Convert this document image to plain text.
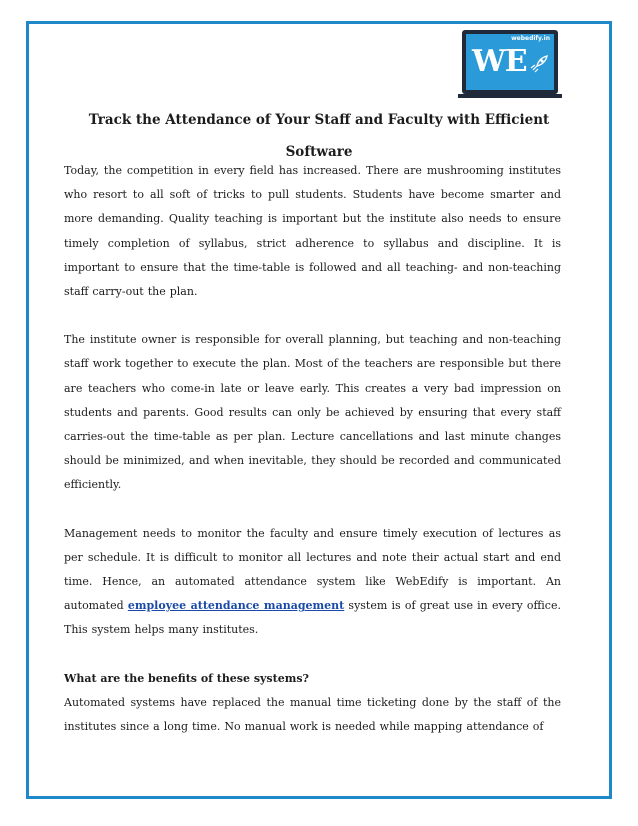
webedify.in
WE
Track the Attendance of Your Staff and Faculty with Efficient Software

Today, the competition in every field has increased. There are mushrooming institutes who resort to all soft of tricks to pull students. Students have become smarter and more demanding. Quality teaching is important but the institute also needs to ensure timely completion of syllabus, strict adherence to syllabus and discipline. It is important to ensure that the time-table is followed and all teaching- and non-teaching staff carry-out the plan.

The institute owner is responsible for overall planning, but teaching and non-teaching staff work together to execute the plan. Most of the teachers are responsible but there are teachers who come-in late or leave early. This creates a very bad impression on students and parents. Good results can only be achieved by ensuring that every staff carries-out the time-table as per plan. Lecture cancellations and last minute changes should be minimized, and when inevitable, they should be recorded and communicated efficiently.

Management needs to monitor the faculty and ensure timely execution of lectures as per schedule. It is difficult to monitor all lectures and note their actual start and end time. Hence, an automated attendance system like WebEdify is important. An automated employee attendance management system is of great use in every office. This system helps many institutes.

What are the benefits of these systems?

Automated systems have replaced the manual time ticketing done by the staff of the institutes since a long time. No manual work is needed while mapping attendance of
